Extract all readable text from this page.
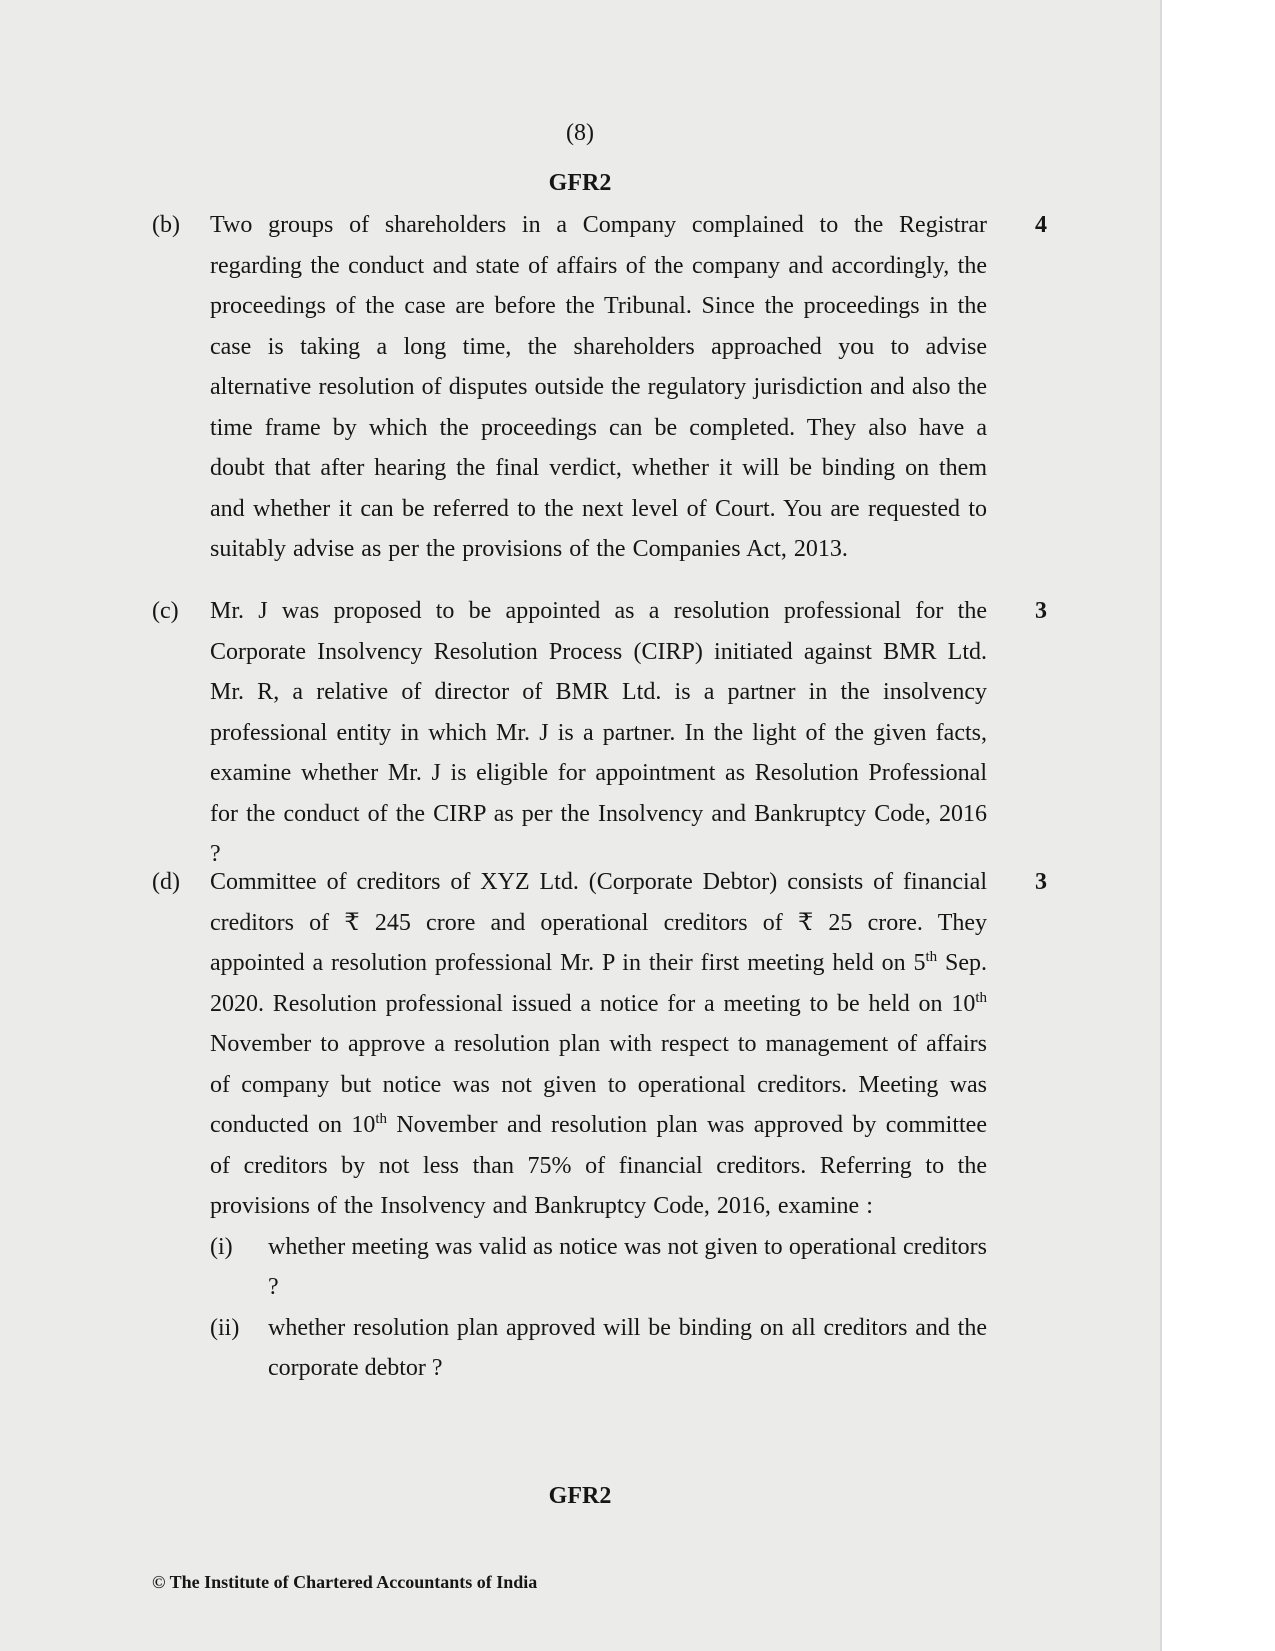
(8)
GFR2
(b)	4
Two groups of shareholders in a Company complained to the Registrar regarding the conduct and state of affairs of the company and accordingly, the proceedings of the case are before the Tribunal. Since the proceedings in the case is taking a long time, the shareholders approached you to advise alternative resolution of disputes outside the regulatory jurisdiction and also the time frame by which the proceedings can be completed. They also have a doubt that after hearing the final verdict, whether it will be binding on them and whether it can be referred to the next level of Court. You are requested to suitably advise as per the provisions of the Companies Act, 2013.
(c)	3
Mr. J was proposed to be appointed as a resolution professional for the Corporate Insolvency Resolution Process (CIRP) initiated against BMR Ltd. Mr. R, a relative of director of BMR Ltd. is a partner in the insolvency professional entity in which Mr. J is a partner. In the light of the given facts, examine whether Mr. J is eligible for appointment as Resolution Professional for the conduct of the CIRP as per the Insolvency and Bankruptcy Code, 2016 ?
(d)	3
Committee of creditors of XYZ Ltd. (Corporate Debtor) consists of financial creditors of ₹ 245 crore and operational creditors of ₹ 25 crore. They appointed a resolution professional Mr. P in their first meeting held on 5th Sep. 2020. Resolution professional issued a notice for a meeting to be held on 10th November to approve a resolution plan with respect to management of affairs of company but notice was not given to operational creditors. Meeting was conducted on 10th November and resolution plan was approved by committee of creditors by not less than 75% of financial creditors. Referring to the provisions of the Insolvency and Bankruptcy Code, 2016, examine :
(i) whether meeting was valid as notice was not given to operational creditors ?
(ii) whether resolution plan approved will be binding on all creditors and the corporate debtor ?
GFR2
© The Institute of Chartered Accountants of India
